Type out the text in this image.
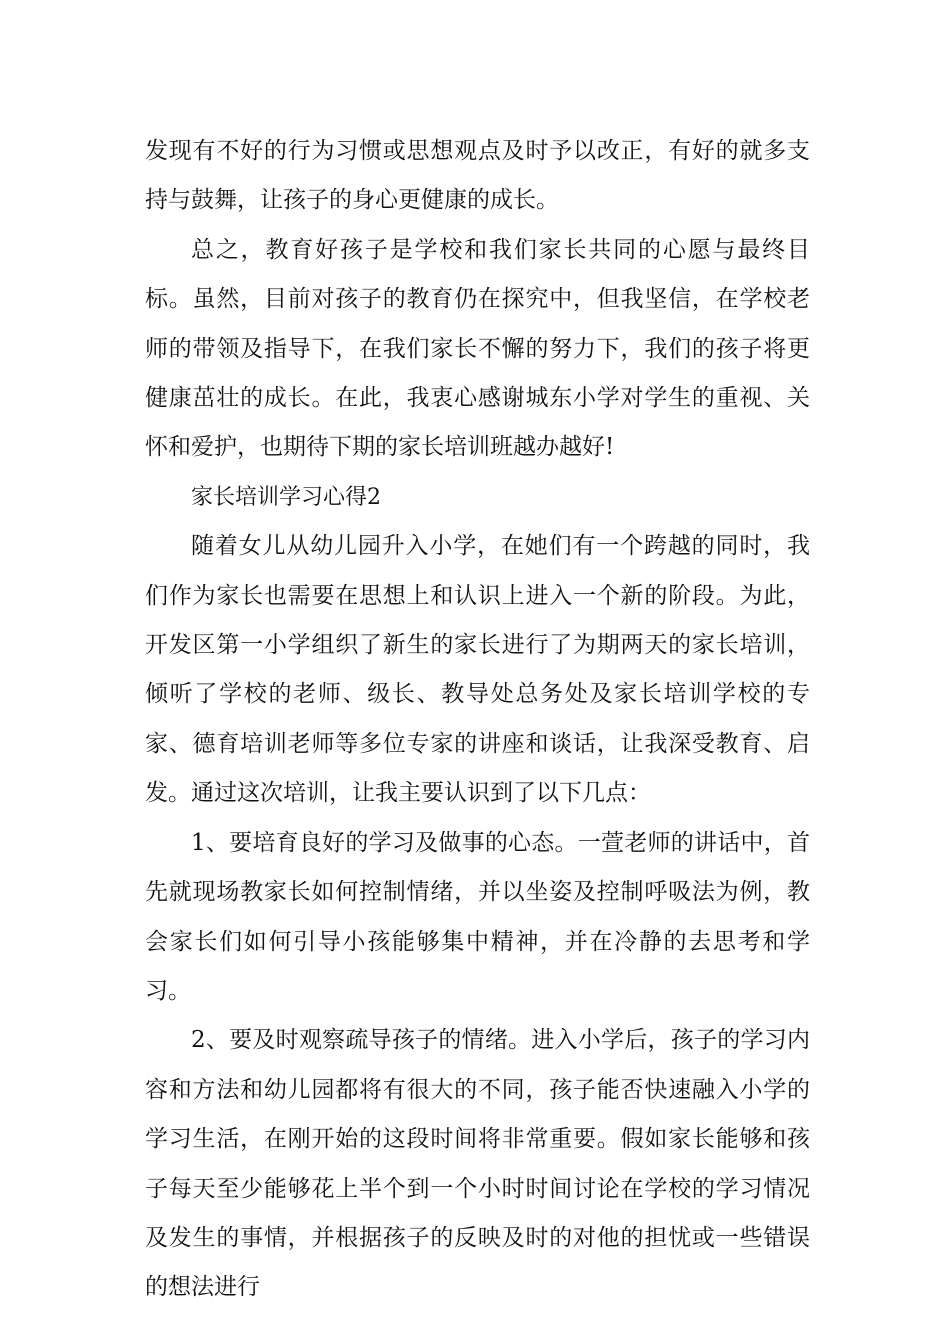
发现有不好的行为习惯或思想观点及时予以改正，有好的就多支持与鼓舞，让孩子的身心更健康的成长。

总之，教育好孩子是学校和我们家长共同的心愿与最终目标。虽然，目前对孩子的教育仍在探究中，但我坚信，在学校老师的带领及指导下，在我们家长不懈的努力下，我们的孩子将更健康茁壮的成长。在此，我衷心感谢城东小学对学生的重视、关怀和爱护，也期待下期的家长培训班越办越好!

家长培训学习心得2

随着女儿从幼儿园升入小学，在她们有一个跨越的同时，我们作为家长也需要在思想上和认识上进入一个新的阶段。为此，开发区第一小学组织了新生的家长进行了为期两天的家长培训，倾听了学校的老师、级长、教导处总务处及家长培训学校的专家、德育培训老师等多位专家的讲座和谈话，让我深受教育、启发。通过这次培训，让我主要认识到了以下几点：

1、要培育良好的学习及做事的心态。一萱老师的讲话中，首先就现场教家长如何控制情绪，并以坐姿及控制呼吸法为例，教会家长们如何引导小孩能够集中精神，并在冷静的去思考和学习。

2、要及时观察疏导孩子的情绪。进入小学后，孩子的学习内容和方法和幼儿园都将有很大的不同，孩子能否快速融入小学的学习生活，在刚开始的这段时间将非常重要。假如家长能够和孩子每天至少能够花上半个到一个小时时间讨论在学校的学习情况及发生的事情，并根据孩子的反映及时的对他的担忧或一些错误的想法进行
